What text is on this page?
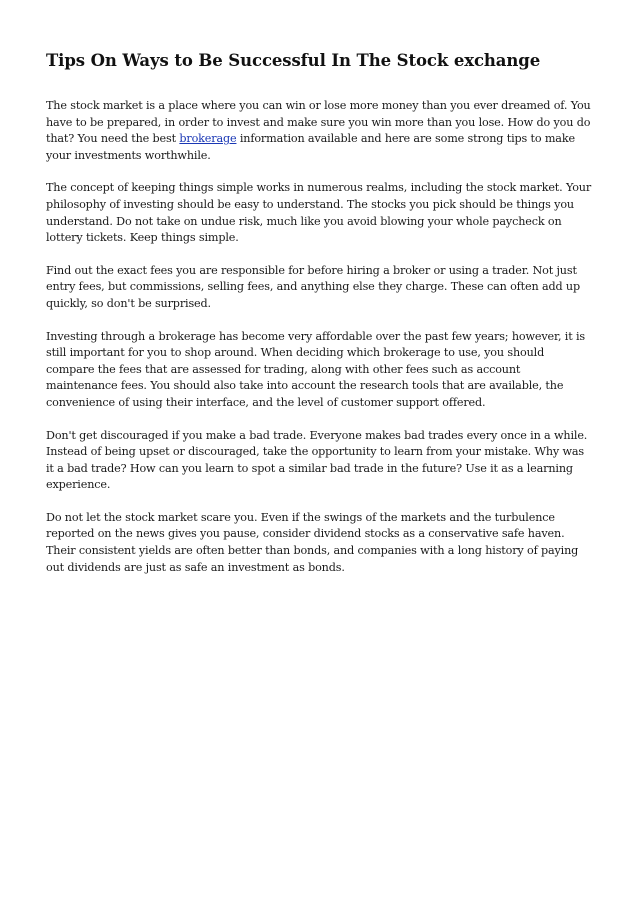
Tips On Ways to Be Successful In The Stock exchange

The stock market is a place where you can win or lose more money than you ever dreamed of. You have to be prepared, in order to invest and make sure you win more than you lose. How do you do that? You need the best brokerage information available and here are some strong tips to make your investments worthwhile.

The concept of keeping things simple works in numerous realms, including the stock market. Your philosophy of investing should be easy to understand. The stocks you pick should be things you understand. Do not take on undue risk, much like you avoid blowing your whole paycheck on lottery tickets. Keep things simple.

Find out the exact fees you are responsible for before hiring a broker or using a trader. Not just entry fees, but commissions, selling fees, and anything else they charge. These can often add up quickly, so don't be surprised.

Investing through a brokerage has become very affordable over the past few years; however, it is still important for you to shop around. When deciding which brokerage to use, you should compare the fees that are assessed for trading, along with other fees such as account maintenance fees. You should also take into account the research tools that are available, the convenience of using their interface, and the level of customer support offered.

Don't get discouraged if you make a bad trade. Everyone makes bad trades every once in a while. Instead of being upset or discouraged, take the opportunity to learn from your mistake. Why was it a bad trade? How can you learn to spot a similar bad trade in the future? Use it as a learning experience.

Do not let the stock market scare you. Even if the swings of the markets and the turbulence reported on the news gives you pause, consider dividend stocks as a conservative safe haven. Their consistent yields are often better than bonds, and companies with a long history of paying out dividends are just as safe an investment as bonds.
